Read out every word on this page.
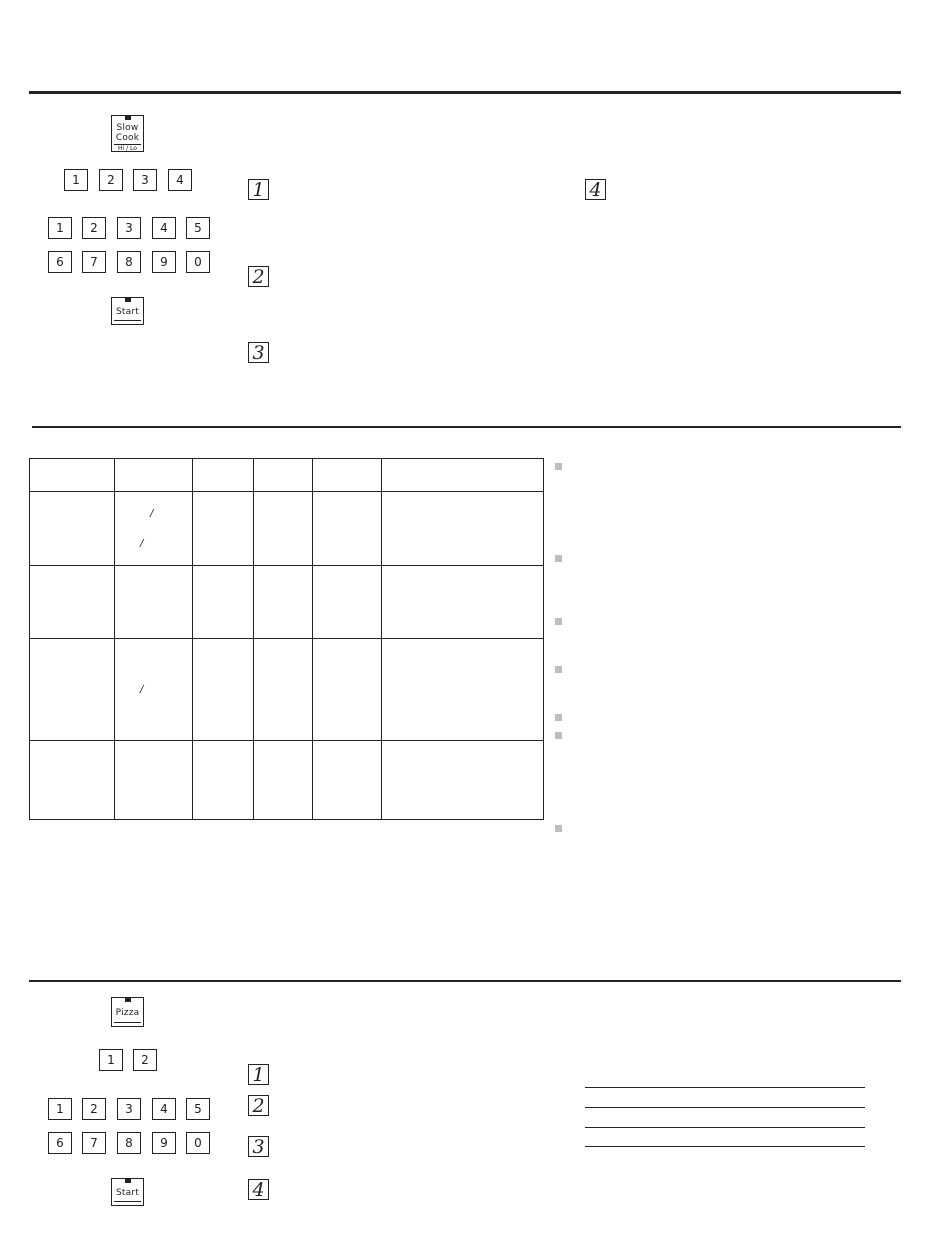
Slow
Cook
Hi / Lo
1	2	3	4
1	2	3	4	5
6	7	8	9	0
Start
1
2
3
4

/
/
/
Pizza
1	2
1	2	3	4	5
6	7	8	9	0
Start
1
2
3
4
